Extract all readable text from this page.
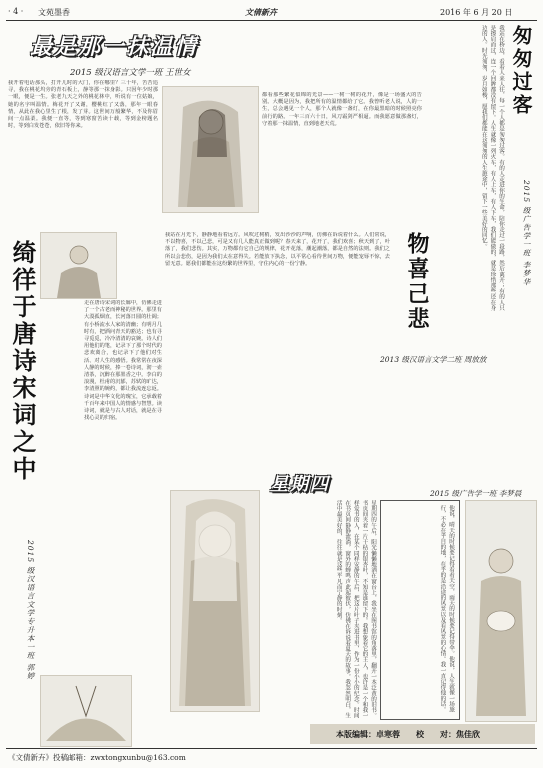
· 4 · 文苑墨香	文倩新卉	2016 年 6 月 20 日
最是那一抹温情
2015 级汉语言文学一班 王世女
我开着电话那头，打开儿时的大门，你在哪里？三十年，苦苦追寻，我在桃花坞旁的青石板上，静等那一抹身影。只因年少时那一眼，便是一生。张老九天之外的桃花林中，听说有一位姑娘，她的名字叫温情。梅花开了又谢，樱桃红了又落，那年一眼春情，从此在我心里生了根，发了芽。这世间万般繁华，不及你眉间一点温柔。我便一直等，等到寒窗苦读十载，等到金榜题名时，等到白发苍苍，依旧等你来。
都看那些繁花似锦的光景——一树一树的花开，像是一场盛大的告别。大概是因为，我把所有的温情都给了它。我曾听老人说，人的一生，总会遇见一个人，那个人就像一盏灯，在你最黑暗的时候照亮你前行的路。一年三百六十日，风刀霜剑严相逼。而我愿意做那盏灯，守着那一抹温情，直到地老天荒。	我站在桥边，看着人来人往，每一个人都是匆匆过客。有的人走进你的生命，陪你走过一段路，然后离开；有的人只是擦肩而过，连一个回眸都没有留下。人生就像一列火车，有人上车，有人下车，我们能做的，就是珍惜那些还在身边的人。时光匆匆，岁月如梭，愿我们都能在这匆匆的人生旅途中，留下一些美好的回忆。	匆匆过客
2015 级广告学一班 李梦华
绮徉于唐诗宋词之中
2015 级汉语言文学专升本一班 郭婷
走在唐诗宋词的长廊中，仿佛走进了一个古老而神秘的世界。那里有大漠孤烟直，长河落日圆的壮阔；有小桥流水人家的清幽；有明月几时有，把酒问青天的豁达；也有寻寻觅觅，冷冷清清的哀婉。诗人们用他们的笔，记录下了那个时代的悲欢离合，也记录下了他们对生活、对人生的感悟。我常常在夜深人静的时候，捧一卷诗词，沏一壶清茶，沉醉在那墨香之中。李白的浪漫，杜甫的沉郁，苏轼的旷达，李清照的婉约，都让我流连忘返。诗词是中华文化的瑰宝，它承载着千百年来中国人的情感与智慧。读诗词，就是与古人对话，就是在寻找心灵的归宿。
我站在月光下，静静地看着远方。风吹过树梢，发出沙沙的声响，仿佛在诉说着什么。人们常说，不以物喜，不以己悲，可是又有几人能真正做到呢？春天来了，花开了，我们欢喜；秋天到了，叶落了，我们悲伤。其实，万物都有它自己的规律，花开花落，潮起潮落，都是自然的法则。我们之所以会悲伤，是因为我们太在意得失。若能放下执念，以平常心看待世间万物，便能宠辱不惊，去留无意。愿我们都能在这纷繁的世界里，守住内心的一份宁静。	物喜己悲
2013 级汉语言文学二班 周放放
星期四	2015 级广告学一班 李梦晨
星期四的午后，阳光懒懒地洒在窗台上，我坐在图书馆的角落里，翻开一本泛黄的旧书。书页间夹着一片干枯的银杏叶，不知是谁留下的。我想象着它的主人，也许是一个和我一样爱书的人，在某个同样安静的午后，把这片叶子夹进书里，作为一份小小的纪念。时间在书页间静静流淌，窗外的蝉鸣声此起彼伏，仿佛在诉说着夏天的故事。我忽然明白，生活中最美好的，往往就是这些平凡而宁静的时刻。	他说，晴天的时候要记得看看天空，雨天的时候要记得带伞。他说，人生就像一场旅行，不必在乎目的地，在乎的是沿途的风景以及看风景的心情。我一直记得他的话。
本版编辑：卓寒蓉　　校　　对：焦佳欣
《文倩新卉》投稿邮箱：zwxtongxunbu@163.com
